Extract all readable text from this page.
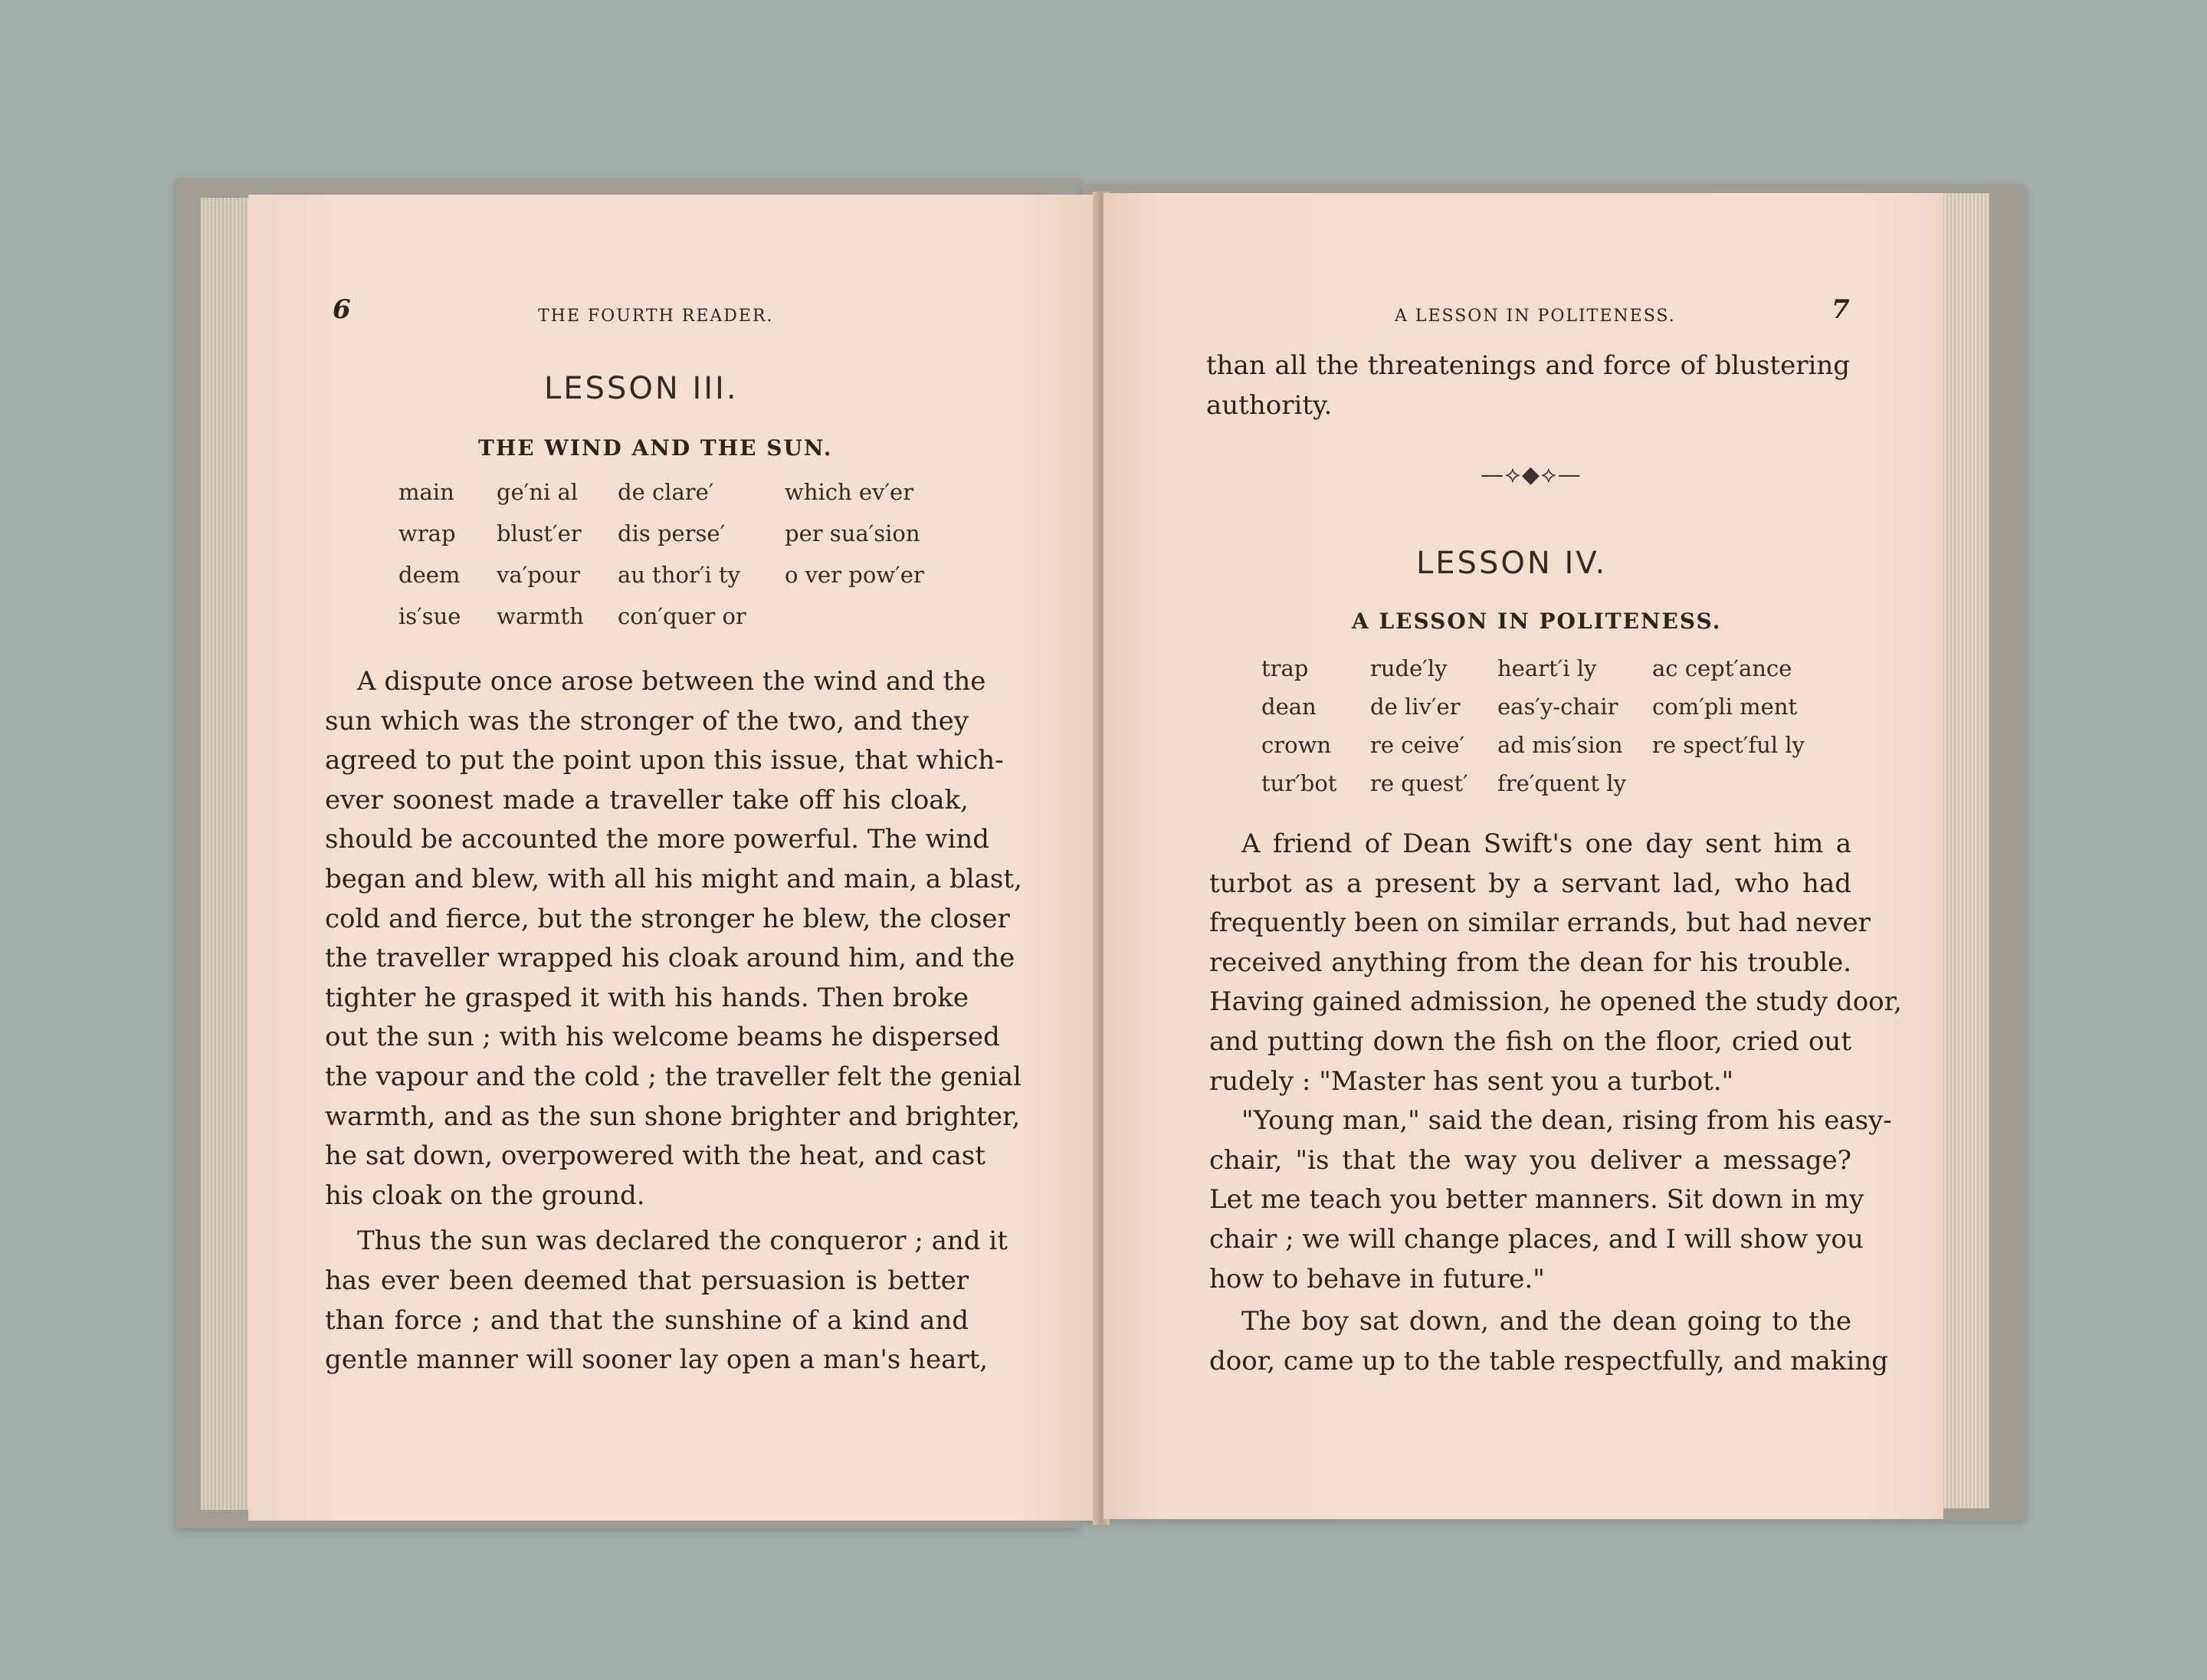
6	THE FOURTH READER.

LESSON III.
THE WIND AND THE SUN.
main	ge′ni al	de clare′	which ev′er
wrap	blust′er	dis perse′	per sua′sion
deem	va′pour	au thor′i ty	o ver pow′er
is′sue	warmth	con′quer or
A dispute once arose between the wind and the
sun which was the stronger of the two, and they
agreed to put the point upon this issue, that which-
ever soonest made a traveller take off his cloak,
should be accounted the more powerful. The wind
began and blew, with all his might and main, a blast,
cold and fierce, but the stronger he blew, the closer
the traveller wrapped his cloak around him, and the
tighter he grasped it with his hands. Then broke
out the sun ; with his welcome beams he dispersed
the vapour and the cold ; the traveller felt the genial
warmth, and as the sun shone brighter and brighter,
he sat down, overpowered with the heat, and cast
his cloak on the ground.
Thus the sun was declared the conqueror ; and it
has ever been deemed that persuasion is better
than force ; and that the sunshine of a kind and
gentle manner will sooner lay open a man's heart,

A LESSON IN POLITENESS.	7

than all the threatenings and force of blustering
authority.

—⟡◆⟡—

LESSON IV.
A LESSON IN POLITENESS.
trap	rude′ly	heart′i ly	ac cept′ance
dean	de liv′er	eas′y-chair	com′pli ment
crown	re ceive′	ad mis′sion	re spect′ful ly
tur′bot	re quest′	fre′quent ly
A friend of Dean Swift's one day sent him a
turbot as a present by a servant lad, who had
frequently been on similar errands, but had never
received anything from the dean for his trouble.
Having gained admission, he opened the study door,
and putting down the fish on the floor, cried out
rudely : "Master has sent you a turbot."
"Young man," said the dean, rising from his easy-
chair, "is that the way you deliver a message?
Let me teach you better manners. Sit down in my
chair ; we will change places, and I will show you
how to behave in future."
The boy sat down, and the dean going to the
door, came up to the table respectfully, and making
